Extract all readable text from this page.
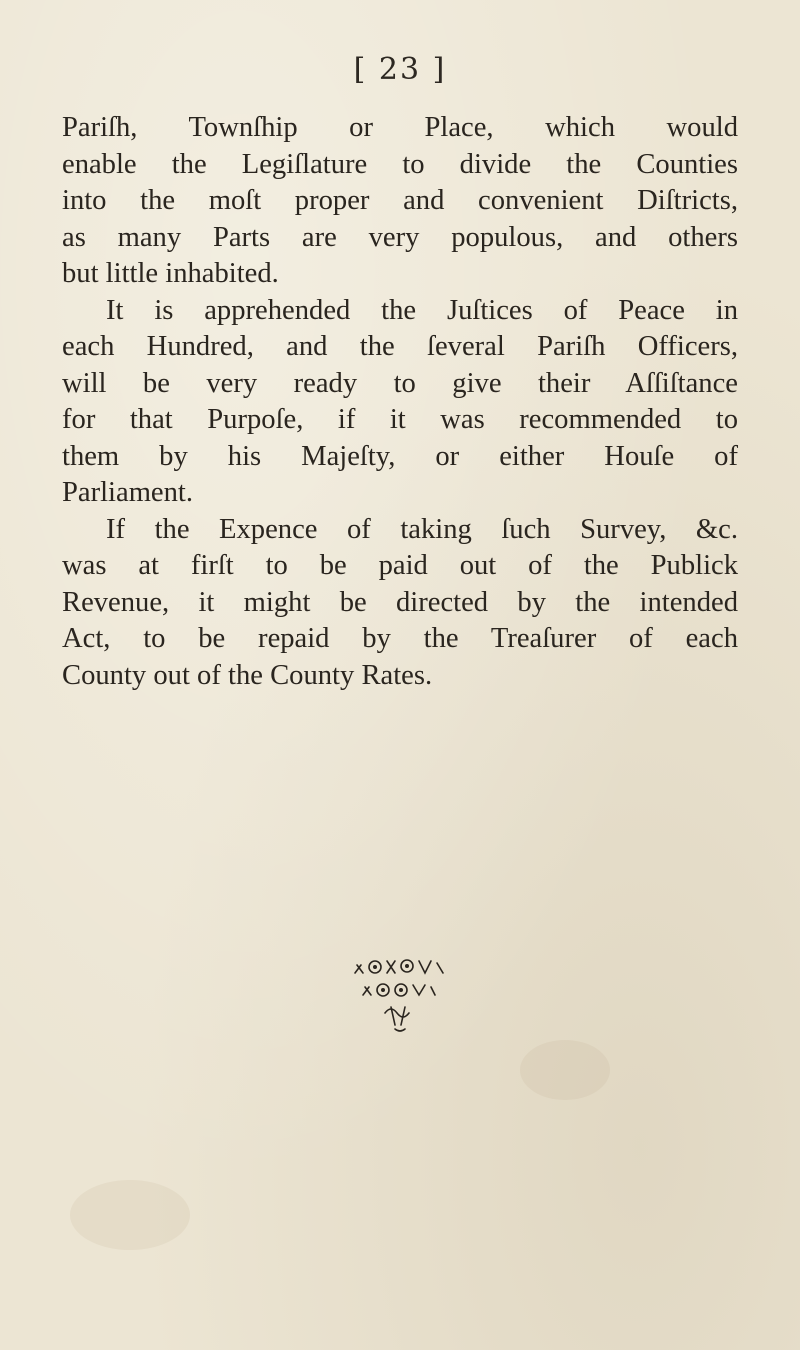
[ 23 ]

Pariſh, Townſhip or Place, which would
enable the Legiſlature to divide the Counties
into the moſt proper and convenient Diſtricts,
as many Parts are very populous, and others
but little inhabited.

It is apprehended the Juſtices of Peace in
each Hundred, and the ſeveral Pariſh Officers,
will be very ready to give their Aſſiſtance
for that Purpoſe, if it was recommended to
them by his Majeſty, or either Houſe of
Parliament.

If the Expence of taking ſuch Survey, &c.
was at firſt to be paid out of the Publick
Revenue, it might be directed by the intended
Act, to be repaid by the Treaſurer of each
County out of the County Rates.
